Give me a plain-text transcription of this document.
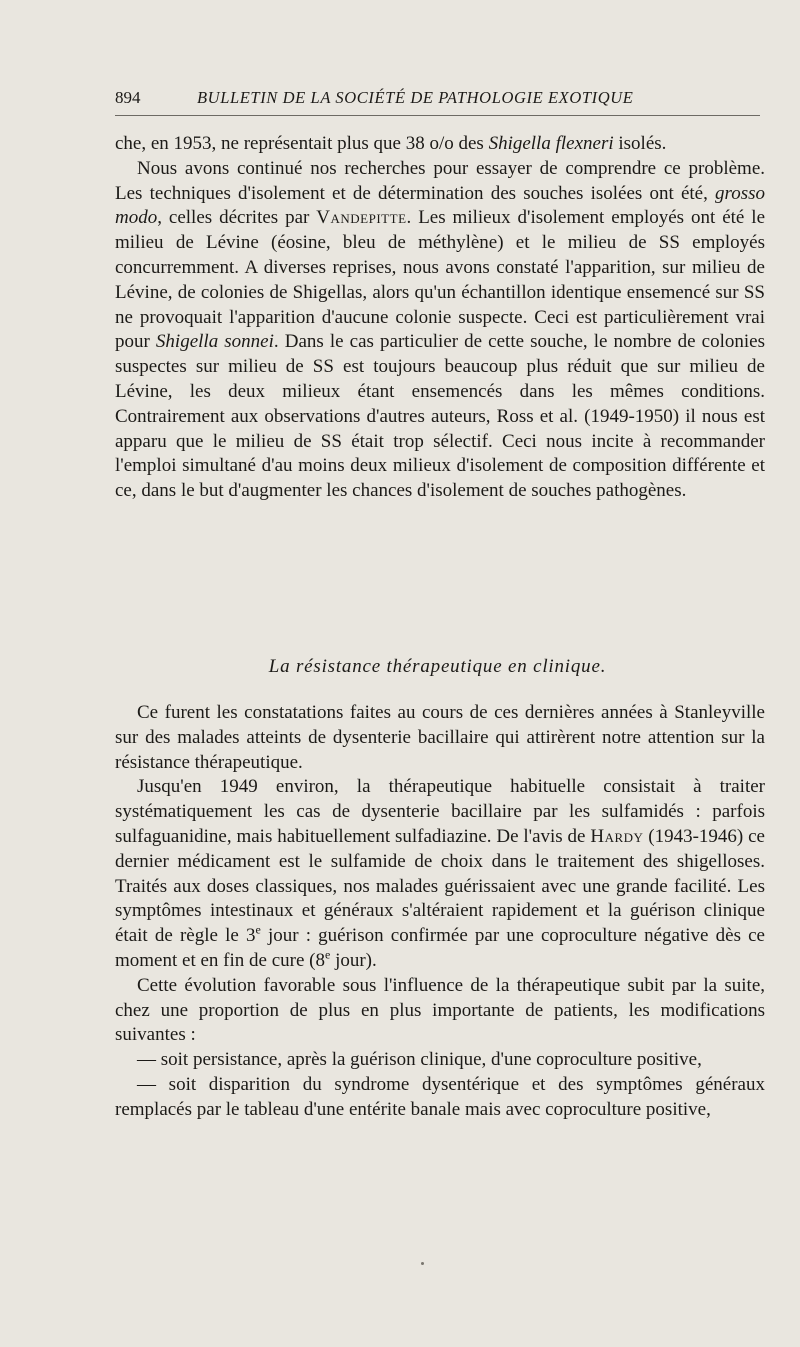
894	BULLETIN DE LA SOCIÉTÉ DE PATHOLOGIE EXOTIQUE

che, en 1953, ne représentait plus que 38 o/o des Shigella flexneri isolés.

Nous avons continué nos recherches pour essayer de comprendre ce problème. Les techniques d'isolement et de détermination des souches isolées ont été, grosso modo, celles décrites par Vandepitte. Les milieux d'isolement employés ont été le milieu de Lévine (éosine, bleu de méthylène) et le milieu de SS employés concurremment. A diverses reprises, nous avons constaté l'apparition, sur milieu de Lévine, de colonies de Shigellas, alors qu'un échantillon identique ensemencé sur SS ne provoquait l'apparition d'aucune colonie suspecte. Ceci est particulièrement vrai pour Shigella sonnei. Dans le cas particulier de cette souche, le nombre de colonies suspectes sur milieu de SS est toujours beaucoup plus réduit que sur milieu de Lévine, les deux milieux étant ensemencés dans les mêmes conditions. Contrairement aux observations d'autres auteurs, Ross et al. (1949-1950) il nous est apparu que le milieu de SS était trop sélectif. Ceci nous incite à recommander l'emploi simultané d'au moins deux milieux d'isolement de composition différente et ce, dans le but d'augmenter les chances d'isolement de souches pathogènes.

La résistance thérapeutique en clinique.

Ce furent les constatations faites au cours de ces dernières années à Stanleyville sur des malades atteints de dysenterie bacillaire qui attirèrent notre attention sur la résistance thérapeutique.

Jusqu'en 1949 environ, la thérapeutique habituelle consistait à traiter systématiquement les cas de dysenterie bacillaire par les sulfamidés : parfois sulfaguanidine, mais habituellement sulfadiazine. De l'avis de Hardy (1943-1946) ce dernier médicament est le sulfamide de choix dans le traitement des shigelloses. Traités aux doses classiques, nos malades guérissaient avec une grande facilité. Les symptômes intestinaux et généraux s'altéraient rapidement et la guérison clinique était de règle le 3e jour : guérison confirmée par une coproculture négative dès ce moment et en fin de cure (8e jour).

Cette évolution favorable sous l'influence de la thérapeutique subit par la suite, chez une proportion de plus en plus importante de patients, les modifications suivantes :

— soit persistance, après la guérison clinique, d'une coproculture positive,

— soit disparition du syndrome dysentérique et des symptômes généraux remplacés par le tableau d'une entérite banale mais avec coproculture positive,
